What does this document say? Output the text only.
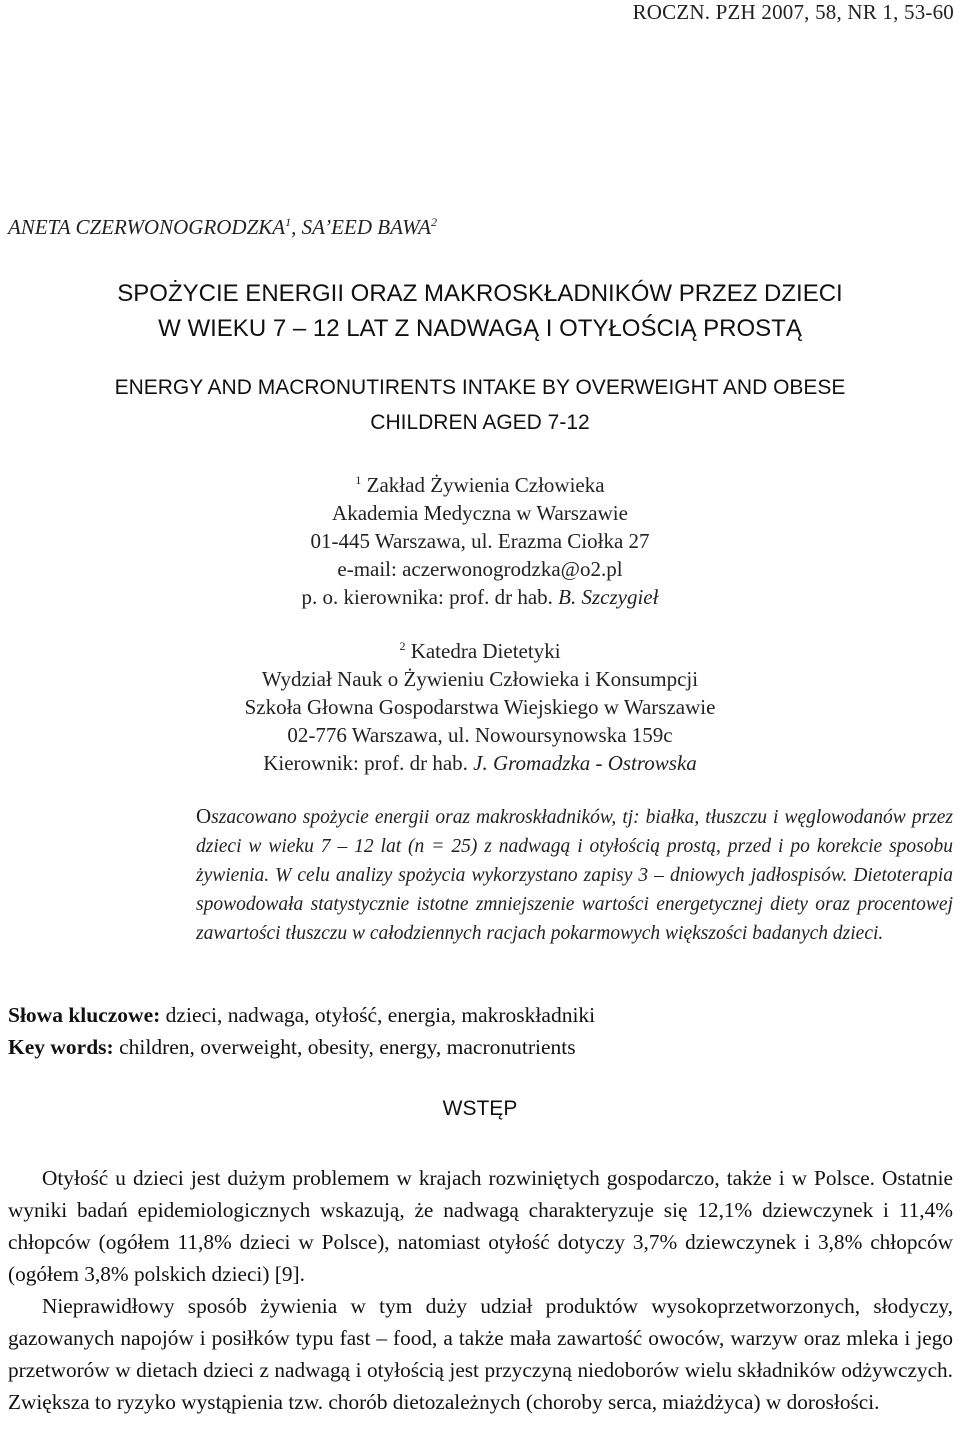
ROCZN. PZH 2007, 58, NR 1, 53-60
ANETA CZERWONOGRODZKA$^1$, SA’EED BAWA$^2$
SPOŻYCIE ENERGII ORAZ MAKROSKŁADNIKÓW PRZEZ DZIECI
W WIEKU 7 – 12 LAT Z NADWAGĄ I OTYŁOŚCIĄ PROSTĄ
ENERGY AND MACRONUTIRENTS INTAKE BY OVERWEIGHT AND OBESE
CHILDREN AGED 7-12
$^1$ Zakład Żywienia Człowieka
Akademia Medyczna w Warszawie
01-445 Warszawa, ul. Erazma Ciołka 27
e-mail: aczerwonogrodzka@o2.pl
p. o. kierownika: prof. dr hab. B. Szczygieł
$^2$ Katedra Dietetyki
Wydział Nauk o Żywieniu Człowieka i Konsumpcji
Szkoła Głowna Gospodarstwa Wiejskiego w Warszawie
02-776 Warszawa, ul. Nowoursynowska 159c
Kierownik: prof. dr hab. J. Gromadzka - Ostrowska
Oszacowano spożycie energii oraz makroskładników, tj: białka, tłuszczu i węglowodanów przez dzieci w wieku 7 – 12 lat (n = 25) z nadwagą i otyłością prostą, przed i po korekcie sposobu żywienia. W celu analizy spożycia wykorzystano zapisy 3 – dniowych jadłospisów. Dietoterapia spowodowała statystycznie istotne zmniejszenie wartości energetycznej diety oraz procentowej zawartości tłuszczu w całodziennych racjach pokarmowych większości badanych dzieci.
Słowa kluczowe: dzieci, nadwaga, otyłość, energia, makroskładniki
Key words: children, overweight, obesity, energy, macronutrients
WSTĘP

Otyłość u dzieci jest dużym problemem w krajach rozwiniętych gospodarczo, także i w Polsce. Ostatnie wyniki badań epidemiologicznych wskazują, że nadwagą charakteryzuje się 12,1% dziewczynek i 11,4% chłopców (ogółem 11,8% dzieci w Polsce), natomiast otyłość dotyczy 3,7% dziewczynek i 3,8% chłopców (ogółem 3,8% polskich dzieci) [9].

Nieprawidłowy sposób żywienia w tym duży udział produktów wysokoprzetworzonych, słodyczy, gazowanych napojów i posiłków typu fast – food, a także mała zawartość owoców, warzyw oraz mleka i jego przetworów w dietach dzieci z nadwagą i otyłością jest przyczyną niedoborów wielu składników odżywczych. Zwiększa to ryzyko wystąpienia tzw. chorób dietozależnych (choroby serca, miażdżyca) w dorosłości.
